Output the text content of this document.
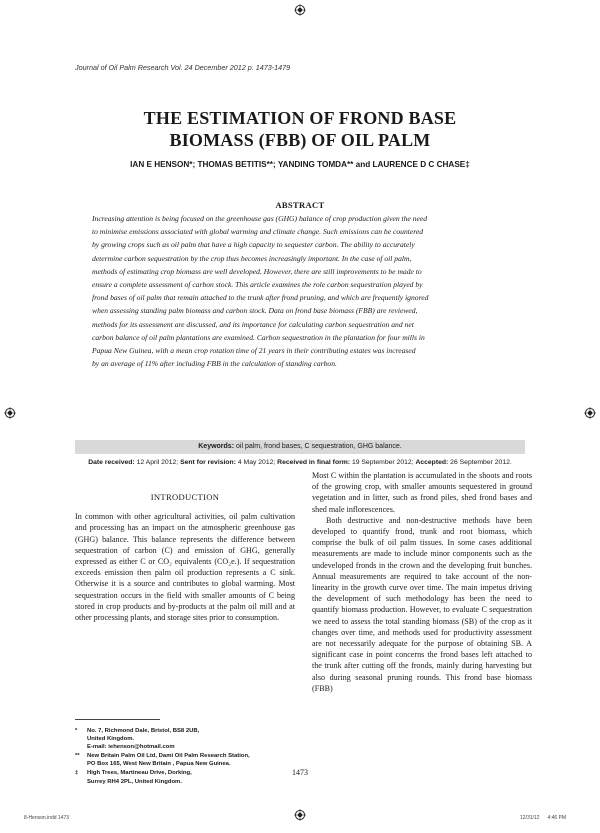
Journal of Oil Palm Research Vol. 24 December 2012 p. 1473-1479
THE ESTIMATION OF FROND BASE
BIOMASS (FBB) OF OIL PALM
IAN E HENSON*; THOMAS BETITIS**; YANDING TOMDA** and LAURENCE D C CHASE‡
ABSTRACT
Increasing attention is being focused on the greenhouse gas (GHG) balance of crop production given the need
to minimise emissions associated with global warming and climate change. Such emissions can be countered
by growing crops such as oil palm that have a high capacity to sequester carbon. The ability to accurately
determine carbon sequestration by the crop thus becomes increasingly important. In the case of oil palm,
methods of estimating crop biomass are well developed. However, there are still improvements to be made to
ensure a complete assessment of carbon stock. This article examines the role carbon sequestration played by
frond bases of oil palm that remain attached to the trunk after frond pruning, and which are frequently ignored
when assessing standing palm biomass and carbon stock. Data on frond base biomass (FBB) are reviewed,
methods for its assessment are discussed, and its importance for calculating carbon sequestration and net
carbon balance of oil palm plantations are examined. Carbon sequestration in the plantation for four mills in
Papua New Guinea, with a mean crop rotation time of 21 years in their contributing estates was increased
by an average of 11% after including FBB in the calculation of standing carbon.
Keywords: oil palm, frond bases, C sequestration, GHG balance.
Date received: 12 April 2012; Sent for revision: 4 May 2012; Received in final form: 19 September 2012; Accepted: 26 September 2012.

INTRODUCTION

In common with other agricultural activities, oil palm cultivation and processing has an impact on the atmospheric greenhouse gas (GHG) balance. This balance represents the difference between sequestration of carbon (C) and emission of GHG, generally expressed as either C or CO₂ equivalents (CO₂e.). If sequestration exceeds emission then palm oil production represents a C sink. Otherwise it is a source and contributes to global warming. Most sequestration occurs in the field with smaller amounts of C being stored in crop products and by-products at the palm oil mill and at other processing plants, and storage sites prior to consumption.

Most C within the plantation is accumulated in the shoots and roots of the growing crop, with smaller amounts sequestered in ground vegetation and in litter, such as frond piles, shed frond bases and shed male inflorescences.

Both destructive and non-destructive methods have been developed to quantify frond, trunk and root biomass, which comprise the bulk of oil palm tissues. In some cases additional measurements are made to include minor components such as the undeveloped fronds in the crown and the developing fruit bunches. Annual measurements are required to take account of the non-linearity in the growth curve over time. The main impetus driving the development of such methodology has been the need to quantify biomass production. However, to evaluate C sequestration we need to assess the total standing biomass (SB) of the crop as it changes over time, and methods used for productivity assessment are not necessarily adequate for the purpose of obtaining SB. A significant case in point concerns the frond bases left attached to the trunk after cutting off the fronds, mainly during harvesting but also during seasonal pruning rounds. This frond base biomass (FBB)

*	No. 7, Richmond Dale, Bristol, BS8 2UB,
United Kingdom.
E-mail: iehenson@hotmail.com
**	New Britain Palm Oil Ltd, Dami Oil Palm Research Station,
PO Box 165, West New Britain , Papua New Guinea.
‡	High Trees, Martineau Drive, Dorking,
Surrey RH4 2PL, United Kingdom.
1473
8-Henson.indd 1473	12/31/12 4:46 PM
